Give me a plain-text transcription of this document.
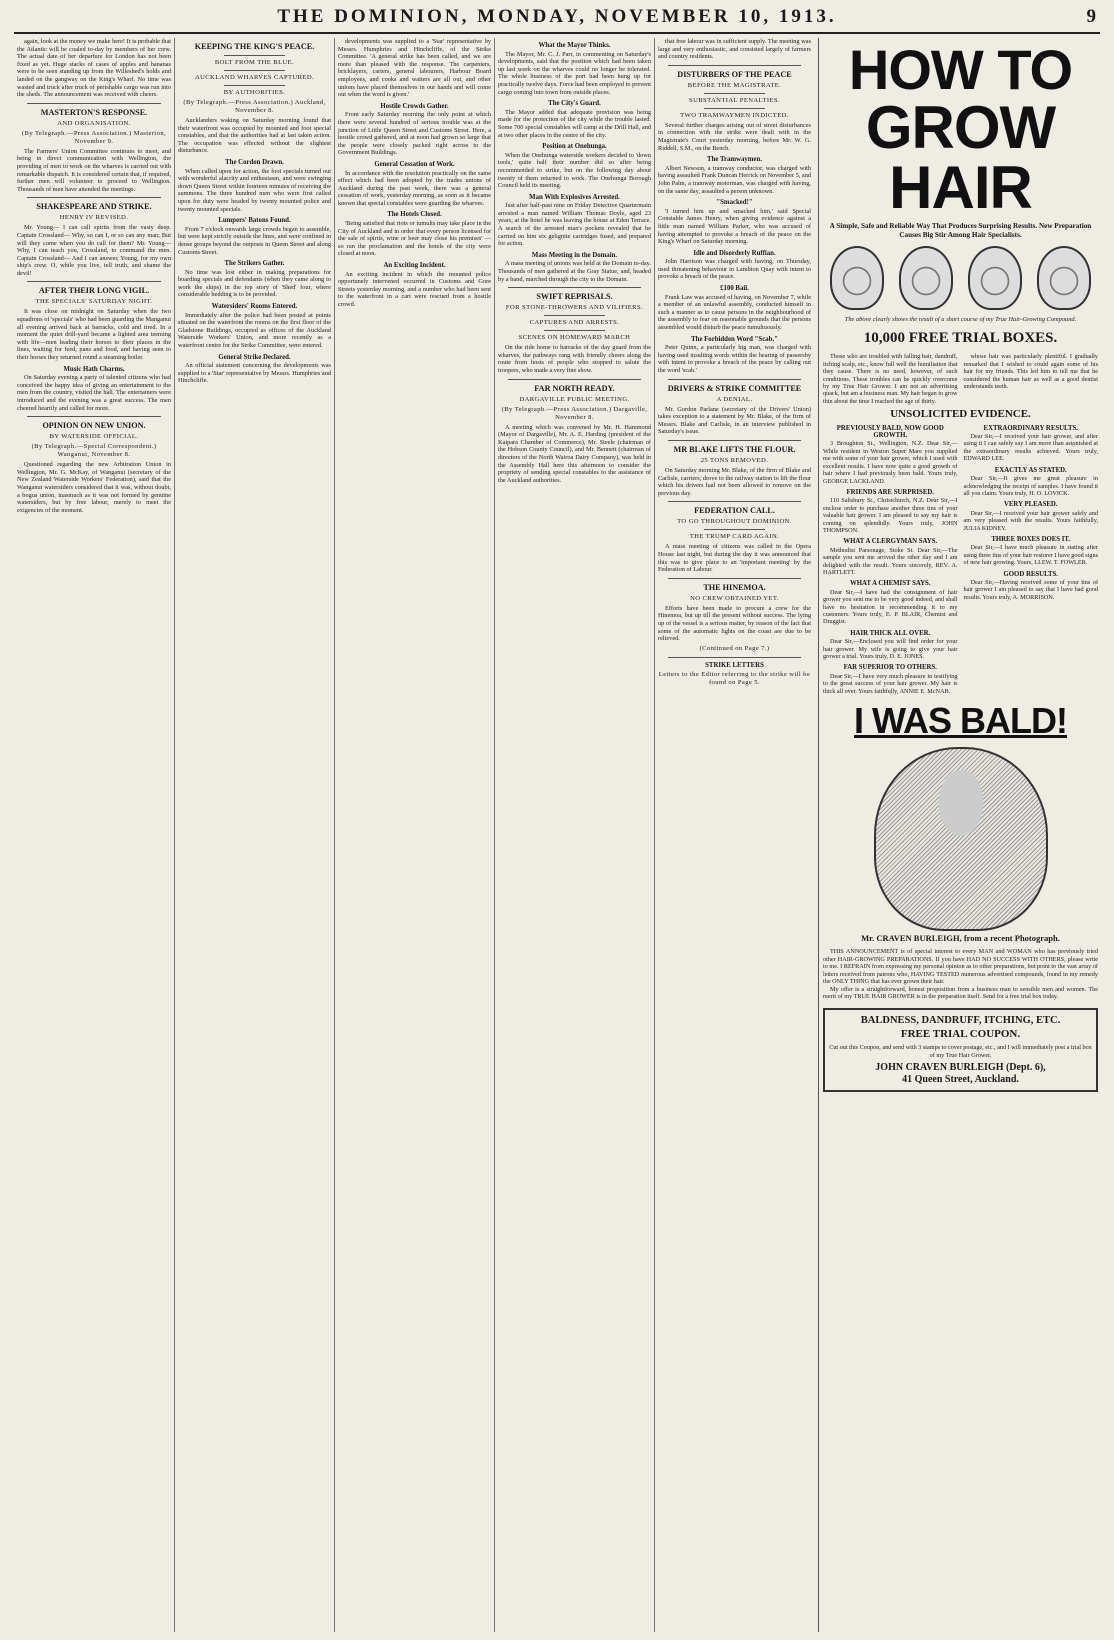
THE DOMINION, MONDAY, NOVEMBER 10, 1913.	9

again, look at the money we make here! It is probable that the Atlantic will be coaled to-day by members of her crew. The actual date of her departure for London has not been fixed as yet. Huge stacks of cases of apples and bananas were to be seen standing up from the Willeshed's holds and landed on the gangway on the King's Wharf. No time was wasted and truck after truck of perishable cargo was run into the sheds. The announcement was received with cheers.

MASTERTON'S RESPONSE.
AND ORGANISATION.
(By Telegraph.—Press Association.) Masterton, November 9.

The Farmers' Union Committee continues to meet, and being in direct communication with Wellington, the providing of men to work on the wharves is carried out with remarkable dispatch. It is considered certain that, if required, further men will volunteer to proceed to Wellington. Thousands of men have attended the meetings.

SHAKESPEARE AND STRIKE.
HENRY IV REVISED.

Mr. Young— I can call spirits from the vasty deep. Captain Crossland— Why, so can I, or so can any man; But will they come when you do call for them? Mr. Young— Why, I can teach you, Crossland, to command the men. Captain Crossland— And I can answer, Young, for my own ship's crew. O, while you live, tell truth, and shame the devil!

AFTER THEIR LONG VIGIL.
THE SPECIALS' SATURDAY NIGHT.

It was close on midnight on Saturday when the two squadrons of 'specials' who had been guarding the Manganui all evening arrived back at barracks, cold and tired. In a moment the quiet drill-yard became a lighted area teeming with life—men leading their horses to their places in the lines, waiting for feed, pans and food, and having seen to their horses they returned round a steaming boiler.

Music Hath Charms.

On Saturday evening a party of talented citizens who had conceived the happy idea of giving an entertainment to the men from the country, visited the hall. The entertainers were introduced and the evening was a great success. The men cheered heartily and called for more.

OPINION ON NEW UNION.
BY WATERSIDE OFFICIAL.
(By Telegraph.—Special Correspondent.) Wanganui, November 8.

Questioned regarding the new Arbitration Union in Wellington, Mr. G. McKay, of Wanganui (secretary of the New Zealand Waterside Workers' Federation), said that the Wanganui watersiders considered that it was, without doubt, a bogus union, inasmuch as it was not formed by genuine watersiders, but by free labour, merely to meet the exigencies of the moment.

KEEPING THE KING'S PEACE.
BOLT FROM THE BLUE.
AUCKLAND WHARVES CAPTURED.
BY AUTHORITIES.
(By Telegraph.—Press Association.) Auckland, November 8.

Aucklanders waking on Saturday morning found that their waterfront was occupied by mounted and foot special constables, and that the authorities had at last taken action. The occupation was effected without the slightest disturbance.

The Cordon Drawn.

When called upon for action, the foot specials turned out with wonderful alacrity and enthusiasm, and were swinging down Queen Street within fourteen minutes of receiving the summons. The three hundred men who were first called upon for duty were headed by twenty mounted police and twenty mounted specials.

Lumpers' Batons Found.

From 7 o'clock onwards large crowds began to assemble, but were kept strictly outside the lines, and were confined in dense groups beyond the outposts in Queen Street and along Customs Street.

The Strikers Gather.

No time was lost either in making preparations for boarding specials and defendants (when they came along to work the ships) in the top story of 'Shed' four, where considerable bedding is to be provided.

Watersiders' Rooms Entered.

Immediately after the police had been posted at points situated on the waterfront the rooms on the first floor of the Gladstone Buildings, occupied as offices of the Auckland Waterside Workers' Union, and more recently as a waterfront centre for the Strike Committee, were entered.

General Strike Declared.

An official statement concerning the developments was supplied to a 'Star' representative by Messrs. Humphries and Hinchcliffe.

developments was supplied to a 'Star' representative by Messrs. Humphries and Hinchcliffe, of the Strike Committee. 'A general strike has been called, and we are more than pleased with the response. The carpenters, bricklayers, carters, general labourers, Harbour Board employees, and cooks and waiters are all out, and other unions have placed themselves in our hands and will come out when the word is given.'

Hostile Crowds Gather.

From early Saturday morning the only point at which there were several hundred of serious trouble was at the junction of Little Queen Street and Customs Street. Here, a hostile crowd gathered, and at noon had grown so large that the people were closely packed right across to the Government Buildings.

General Cessation of Work.

In accordance with the resolution practically on the same effect which had been adopted by the trades unions of Auckland during the past week, there was a general cessation of work, yesterday morning, as soon as it became known that special constables were guarding the wharves.

The Hotels Closed.

'Being satisfied that riots or tumults may take place in the City of Auckland and in order that every person licensed for the sale of spirits, wine or beer may close his premises' — so ran the proclamation and the hotels of the city were closed at noon.

An Exciting Incident.

An exciting incident in which the mounted police opportunely intervened occurred in Customs and Gore Streets yesterday morning, and a number who had been sent to the waterfront in a cart were rescued from a hostile crowd.

What the Mayor Thinks.

The Mayor, Mr. C. J. Parr, in commenting on Saturday's developments, said that the position which had been taken up last week on the wharves could no longer be tolerated. The whole business of the port had been hung up for practically twelve days. Force had been employed to prevent cargo coming into town from outside places.

The City's Guard.

The Mayor added that adequate provision was being made for the protection of the city while the trouble lasted. Some 700 special constables will camp at the Drill Hall, and at two other places in the centre of the city.

Position at Onehunga.

When the Onehunga waterside workers decided to 'down tools,' quite half their number did so after being recommended to strike, but on the following day about twenty of them returned to work. The Onehunga Borough Council held its meeting.

Man With Explosives Arrested.

Just after half-past nine on Friday Detective Quartermain arrested a man named William Thomas Doyle, aged 23 years, at the hotel he was leaving the house at Eden Terrace. A search of the arrested man's pockets revealed that he carried on him six gelignite cartridges fused, and prepared for action.

Mass Meeting in the Domain.

A mass meeting of unions was held at the Domain to-day. Thousands of men gathered at the Gray Statue, and, headed by a band, marched through the city to the Domain.

SWIFT REPRISALS.
FOR STONE-THROWERS AND VILIFIERS.
CAPTURES AND ARRESTS.
SCENES ON HOMEWARD MARCH

On the ride home to barracks of the day guard from the wharves, the pathways rang with friendly cheers along the route from hosts of people who stopped to salute the troopers, who made a very fine show.

FAR NORTH READY.
DARGAVILLE PUBLIC MEETING.
(By Telegraph.—Press Association.) Dargaville, November 8.

A meeting which was convened by Mr. H. Hammond (Mayor of Dargaville), Mr. A. E. Harding (president of the Kaipara Chamber of Commerce), Mr. Steele (chairman of the Hobson County Council), and Mr. Bennett (chairman of directors of the North Wairoa Dairy Company), was held in the Assembly Hall here this afternoon to consider the propriety of sending special constables to the assistance of the Auckland authorities.

that free labour was in sufficient supply. The meeting was large and very enthusiastic, and consisted largely of farmers and country residents.

DISTURBERS OF THE PEACE
BEFORE THE MAGISTRATE.
SUBSTANTIAL PENALTIES.
TWO TRAMWAYMEN INDICTED.

Several further charges arising out of street disturbances in connection with the strike were dealt with in the Magistrate's Court yesterday morning, before Mr. W. G. Riddell, S.M., on the Bench.

The Tramwaymen.

Albert Newson, a tramway conductor, was charged with having assaulted Frank Duncan Herrick on November 5, and John Palm, a tramway motorman, was charged with having, on the same day, assaulted a person unknown.

"Smacked!"

'I turned him up and smacked him,' said Special Constable James Henry, when giving evidence against a little man named William Parker, who was accused of having attempted to provoke a breach of the peace on the King's Wharf on Saturday morning.

Idle and Disorderly Ruffian.

John Harrison was charged with having, on Thursday, used threatening behaviour in Lambton Quay with intent to provoke a breach of the peace.

£100 Bail.

Frank Law was accused of having, on November 7, while a member of an unlawful assembly, conducted himself in such a manner as to cause persons in the neighbourhood of the assembly to fear on reasonable grounds that the persons assembled would disturb the peace tumultuously.

The Forbidden Word "Scab."

Peter Quinn, a particularly big man, was charged with having used insulting words within the hearing of passersby with intent to provoke a breach of the peace by calling out the word 'scab.'

DRIVERS & STRIKE COMMITTEE
A DENIAL.

Mr. Gordon Parlane (secretary of the Drivers' Union) takes exception to a statement by Mr. Blake, of the firm of Messrs. Blake and Carlisle, in an interview published in Saturday's issue.

MR BLAKE LIFTS THE FLOUR.
25 TONS REMOVED.

On Saturday morning Mr. Blake, of the firm of Blake and Carlisle, carriers, drove to the railway station to lift the flour which his drivers had not been allowed to remove on the previous day.

FEDERATION CALL.
TO GO THROUGHOUT DOMINION.
THE TRUMP CARD AGAIN.

A mass meeting of citizens was called in the Opera House last night, but during the day it was announced that this was to give place to an 'important meeting' by the Federation of Labour.

THE HINEMOA.
NO CREW OBTAINED YET.

Efforts have been made to procure a crew for the Hinemoa, but up till the present without success. The lying up of the vessel is a serious matter, by reason of the fact that some of the automatic lights on the coast are due to be relieved.

(Continued on Page 7.)
STRIKE LETTERS
Letters to the Editor referring to the strike will be found on Page 5.
HOW TO
GROW HAIR
A Simple, Safe and Reliable Way That Produces Surprising Results. New Preparation Causes Big Stir Among Hair Specialists.
The above clearly shows the result of a short course of my True Hair-Growing Compound.
10,000 FREE TRIAL BOXES.

Those who are troubled with falling hair, dandruff, itching scalp, etc., know full well the humiliation that they cause. There is no need, however, of such conditions. These troubles can be quickly overcome by my True Hair Grower. I am not an advertising quack, but am a business man. My hair began to grow thin about the time I reached the age of thirty.

whose hair was particularly plentiful. I gradually remarked that I wished to could again some of his hair for my friends. This led him to tell me that he considered the human hair as well as a good dentist understands teeth.

UNSOLICITED EVIDENCE.
PREVIOUSLY BALD, NOW GOOD GROWTH.

3 Broughton St., Wellington, N.Z. Dear Sir,—While resident in Weston Super Mare you supplied me with some of your hair grower, which I used with excellent results. I have now quite a good growth of hair where I had previously been bald. Yours truly, GEORGE LACKLAND.

FRIENDS ARE SURPRISED.

110 Salisbury St., Christchurch, N.Z. Dear Sir,—I enclose order to purchase another three tins of your valuable hair grower. I am pleased to say my hair is coming on splendidly. Yours truly, JOHN THOMPSON.

WHAT A CLERGYMAN SAYS.

Methodist Parsonage, Stoke St. Dear Sir,—The sample you sent me arrived the other day and I am delighted with the result. Yours sincerely, REV. A. HARTLETT.

WHAT A CHEMIST SAYS.

Dear Sir,—I have had the consignment of hair grower you sent me to be very good indeed, and shall have no hesitation in recommending it to my customers. Yours truly, E. P. BLAIR, Chemist and Druggist.

HAIR THICK ALL OVER.

Dear Sir,—Enclosed you will find order for your hair grower. My wife is going to give your hair grower a trial. Yours truly, D. E. JONES.

FAR SUPERIOR TO OTHERS.

Dear Sir,—I have very much pleasure in testifying to the great success of your hair grower. My hair is thick all over. Yours faithfully, ANNIE E. McNAB.

EXTRAORDINARY RESULTS.

Dear Sir,—I received your hair grower, and after using it I can safely say I am more than astonished at the extraordinary results achieved. Yours truly, EDWARD LEE.

EXACTLY AS STATED.

Dear Sir,—It gives me great pleasure in acknowledging the receipt of samples. I have found it all you claim. Yours truly, H. O. LOVICK.

VERY PLEASED.

Dear Sir,—I received your hair grower safely and am very pleased with the results. Yours faithfully, JULIA KIDNEY.

THREE BOXES DOES IT.

Dear Sir,—I have much pleasure in stating after using three tins of your hair restorer I have good signs of new hair growing. Yours, LLEW. T. FOWLER.

GOOD RESULTS.

Dear Sir,—Having received some of your tins of hair grower I am pleased to say that I have had good results. Yours truly, A. MORRISON.

I WAS BALD!
Mr. CRAVEN BURLEIGH, from a recent Photograph.

THIS ANNOUNCEMENT is of special interest to every MAN and WOMAN who has previously tried other HAIR-GROWING PREPARATIONS. If you have HAD NO SUCCESS WITH OTHERS, please write to me. I REFRAIN from expressing my personal opinion as to other preparations, but point to the vast array of letters received from patrons who, HAVING TESTED numerous advertised compounds, found in my remedy the ONLY THING that has ever grown their hair.

My offer is a straightforward, honest proposition from a business man to sensible men and women. The merit of my TRUE HAIR GROWER is in the preparation itself. Send for a free trial box today.

BALDNESS, DANDRUFF, ITCHING, ETC.
FREE TRIAL COUPON.
Cut out this Coupon, and send with 3 stamps to cover postage, etc., and I will immediately post a trial box of my True Hair Grower.
JOHN CRAVEN BURLEIGH (Dept. 6),
41 Queen Street, Auckland.
